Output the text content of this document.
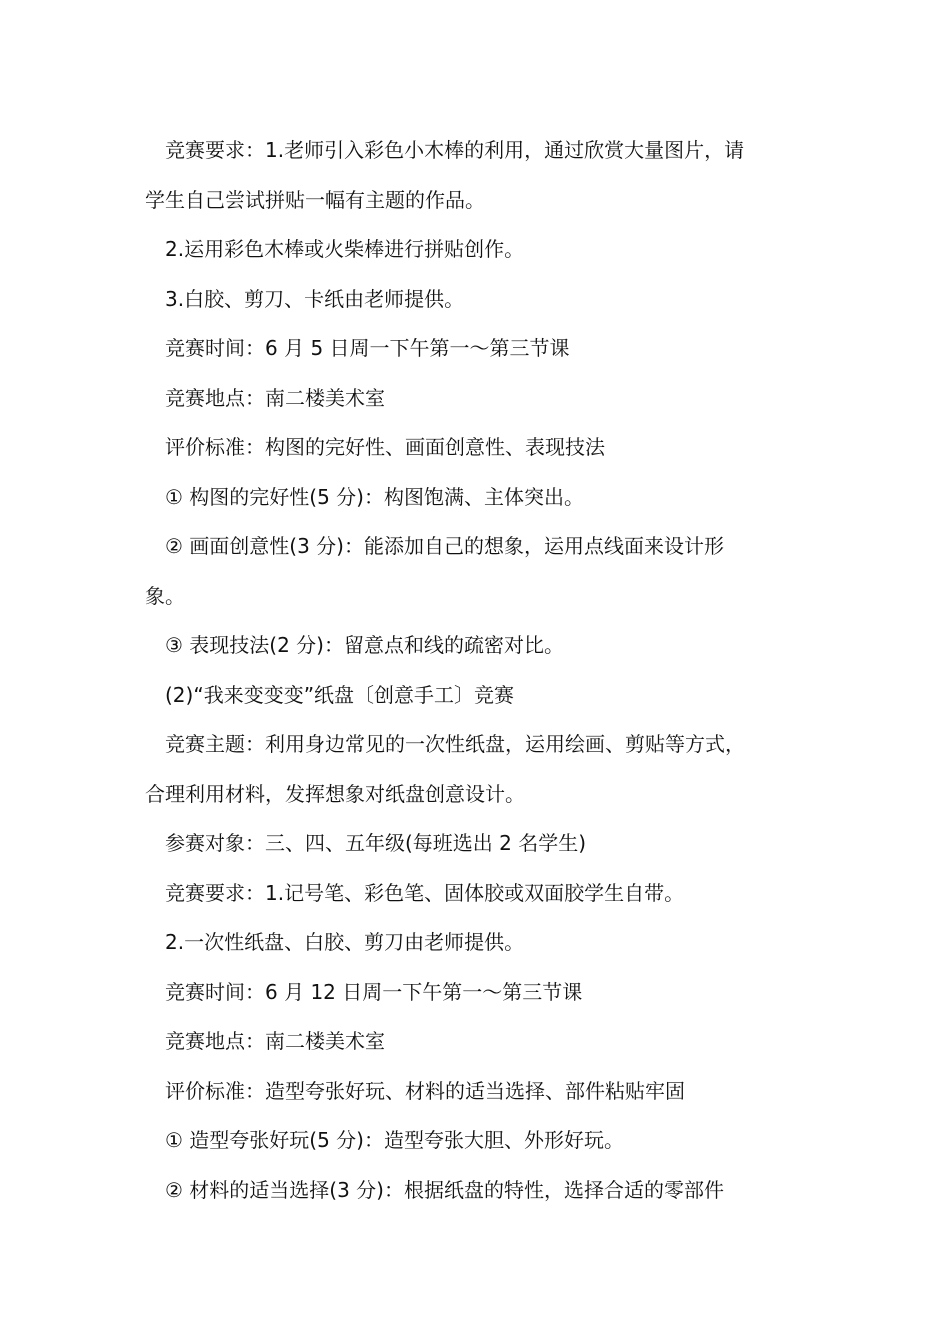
竞赛要求：1.老师引入彩色小木棒的利用，通过欣赏大量图片，请

学生自己尝试拼贴一幅有主题的作品。

2.运用彩色木棒或火柴棒进行拼贴创作。

3.白胶、剪刀、卡纸由老师提供。

竞赛时间：6 月 5 日周一下午第一～第三节课

竞赛地点：南二楼美术室

评价标准：构图的完好性、画面创意性、表现技法

① 构图的完好性(5 分)：构图饱满、主体突出。

② 画面创意性(3 分)：能添加自己的想象，运用点线面来设计形

象。

③ 表现技法(2 分)：留意点和线的疏密对比。

(2)“我来变变变”纸盘〔创意手工〕竞赛

竞赛主题：利用身边常见的一次性纸盘，运用绘画、剪贴等方式，

合理利用材料，发挥想象对纸盘创意设计。

参赛对象：三、四、五年级(每班选出 2 名学生)

竞赛要求：1.记号笔、彩色笔、固体胶或双面胶学生自带。

2.一次性纸盘、白胶、剪刀由老师提供。

竞赛时间：6 月 12 日周一下午第一～第三节课

竞赛地点：南二楼美术室

评价标准：造型夸张好玩、材料的适当选择、部件粘贴牢固

① 造型夸张好玩(5 分)：造型夸张大胆、外形好玩。

② 材料的适当选择(3 分)：根据纸盘的特性，选择合适的零部件
